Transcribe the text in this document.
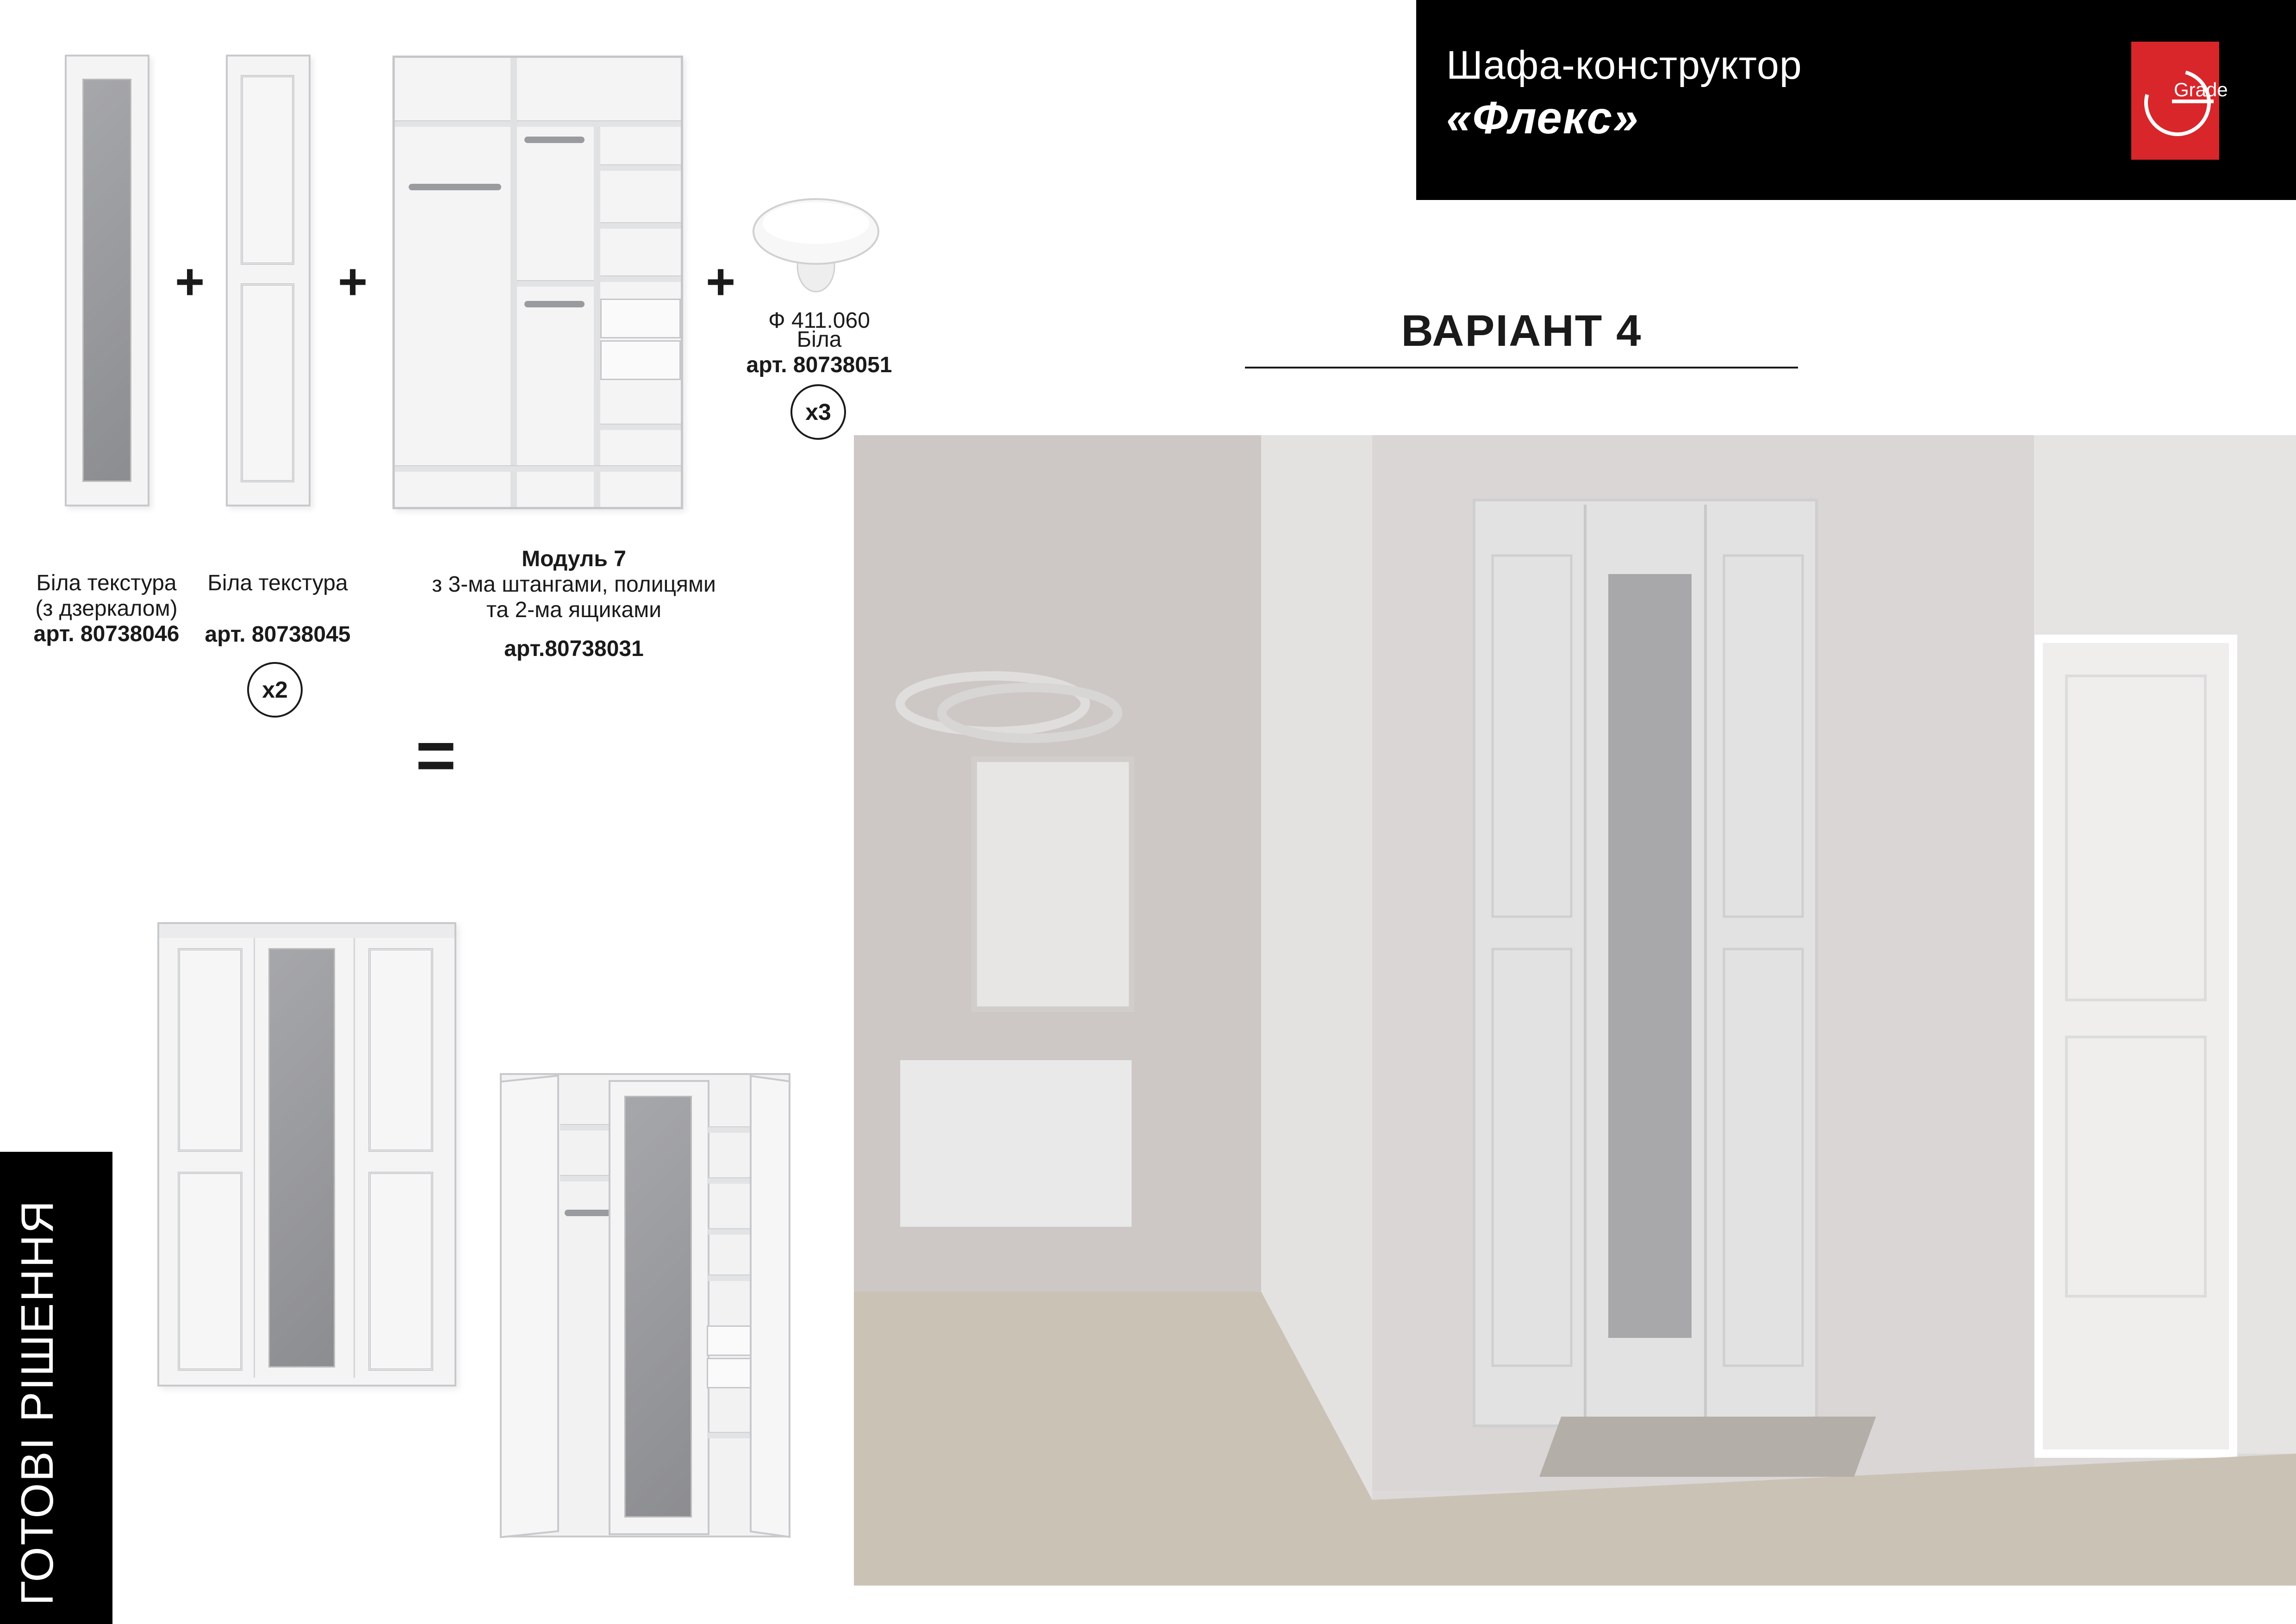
Шафа-конструктор
«Флекс»
Grade
ВАРІАНТ 4
+	+	+
Біла текстура
(з дзеркалом)
арт. 80738046
Біла текстура
арт. 80738045
x2
Модуль 7
з 3-ма штангами, полицями
та 2-ма ящиками
арт.80738031
Ф 411.060
Біла
арт. 80738051
x3
=
ГОТОВІ РІШЕННЯ
